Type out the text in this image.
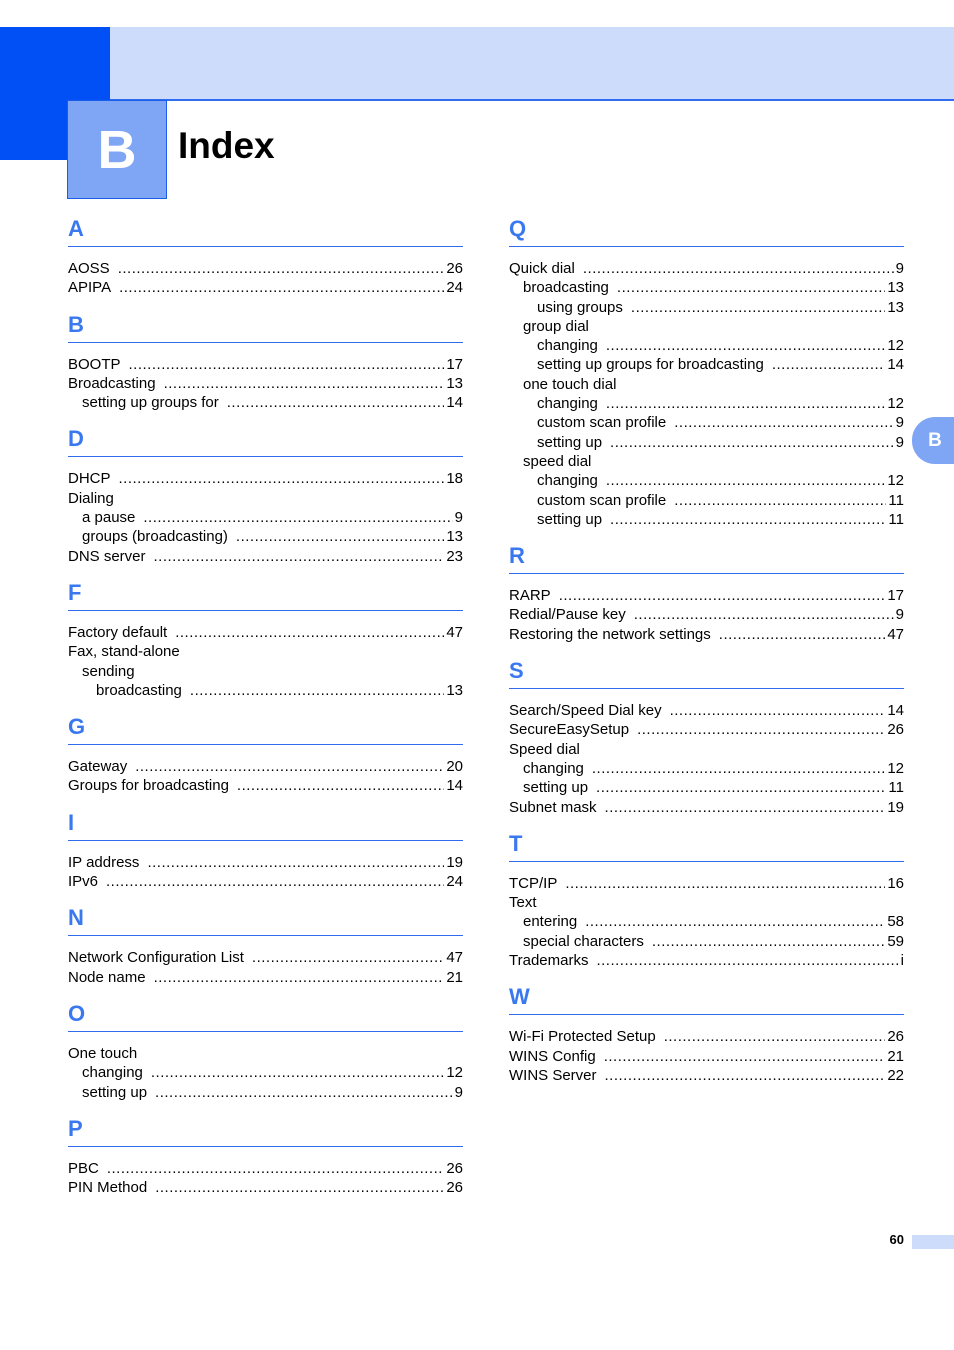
B Index
B
A
AOSS .....	26
APIPA .....	24
B
BOOTP .....	17
Broadcasting .....	13
setting up groups for .....	14
D
DHCP .....	18
Dialing
a pause .....	9
groups (broadcasting) .....	13
DNS server .....	23
F
Factory default .....	47
Fax, stand-alone
sending
broadcasting .....	13
G
Gateway .....	20
Groups for broadcasting .....	14
I
IP address .....	19
IPv6 .....	24
N
Network Configuration List .....	47
Node name .....	21
O
One touch
changing .....	12
setting up .....	9
P
PBC .....	26
PIN Method .....	26
Q
Quick dial .....	9
broadcasting .....	13
using groups .....	13
group dial
changing .....	12
setting up groups for broadcasting .....	14
one touch dial
changing .....	12
custom scan profile .....	9
setting up .....	9
speed dial
changing .....	12
custom scan profile .....	11
setting up .....	11
R
RARP .....	17
Redial/Pause key .....	9
Restoring the network settings .....	47
S
Search/Speed Dial key .....	14
SecureEasySetup .....	26
Speed dial
changing .....	12
setting up .....	11
Subnet mask .....	19
T
TCP/IP .....	16
Text
entering .....	58
special characters .....	59
Trademarks .....	i
W
Wi-Fi Protected Setup .....	26
WINS Config .....	21
WINS Server .....	22
60
